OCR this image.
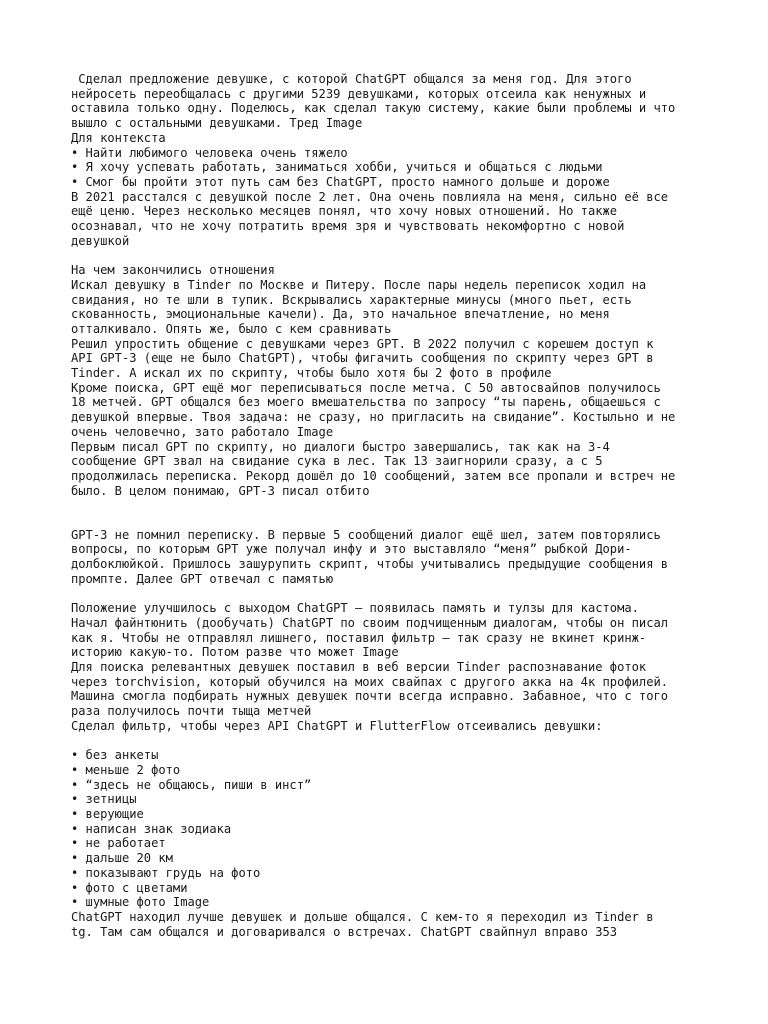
Сделал предложение девушке, с которой ChatGPT общался за меня год. Для этого
нейросеть переобщалась с другими 5239 девушками, которых отсеила как ненужных и
оставила только одну. Поделюсь, как сделал такую систему, какие были проблемы и что
вышло с остальными девушками. Тред Image
Для контекста
• Найти любимого человека очень тяжело
• Я хочу успевать работать, заниматься хобби, учиться и общаться с людьми
• Смог бы пройти этот путь сам без ChatGPT, просто намного дольше и дороже
В 2021 расстался с девушкой после 2 лет. Она очень повлияла на меня, сильно её все
ещё ценю. Через несколько месяцев понял, что хочу новых отношений. Но также
осознавал, что не хочу потратить время зря и чувствовать некомфортно с новой
девушкой
На чем закончились отношения
Искал девушку в Tinder по Москве и Питеру. После пары недель переписок ходил на
свидания, но те шли в тупик. Вскрывались характерные минусы (много пьет, есть
скованность, эмоциональные качели). Да, это начальное впечатление, но меня
отталкивало. Опять же, было с кем сравнивать
Решил упростить общение с девушками через GPT. В 2022 получил с корешем доступ к
API GPT-3 (еще не было ChatGPT), чтобы фигачить сообщения по скрипту через GPT в
Tinder. А искал их по скрипту, чтобы было хотя бы 2 фото в профиле
Кроме поиска, GPT ещё мог переписываться после метча. С 50 автосвайпов получилось
18 метчей. GPT общался без моего вмешательства по запросу “ты парень, общаешься с
девушкой впервые. Твоя задача: не сразу, но пригласить на свидание”. Костыльно и не
очень человечно, зато работало Image
Первым писал GPT по скрипту, но диалоги быстро завершались, так как на 3-4
сообщение GPT звал на свидание сука в лес. Так 13 заигнорили сразу, а с 5
продолжилась переписка. Рекорд дошёл до 10 сообщений, затем все пропали и встреч не
было. В целом понимаю, GPT-3 писал отбито
GPT-3 не помнил переписку. В первые 5 сообщений диалог ещё шел, затем повторялись
вопросы, по которым GPT уже получал инфу и это выставляло “меня” рыбкой Дори-
долбоклюйкой. Пришлось зашурупить скрипт, чтобы учитывались предыдущие сообщения в
промпте. Далее GPT отвечал с памятью
Положение улучшилось с выходом ChatGPT — появилась память и тулзы для кастома.
Начал файнтюнить (дообучать) ChatGPT по своим подчищенным диалогам, чтобы он писал
как я. Чтобы не отправлял лишнего, поставил фильтр — так сразу не вкинет кринж-
историю какую-то. Потом разве что может Image
Для поиска релевантных девушек поставил в веб версии Tinder распознавание фоток
через torchvision, который обучился на моих свайпах с другого акка на 4к профилей.
Машина смогла подбирать нужных девушек почти всегда исправно. Забавное, что с того
раза получилось почти тыща метчей
Сделал фильтр, чтобы через API ChatGPT и FlutterFlow отсеивались девушки:
• без анкеты
• меньше 2 фото
• “здесь не общаюсь, пиши в инст”
• зетницы
• верующие
• написан знак зодиака
• не работает
• дальше 20 км
• показывают грудь на фото
• фото с цветами
• шумные фото Image
ChatGPT находил лучше девушек и дольше общался. С кем-то я переходил из Tinder в
tg. Там сам общался и договаривался о встречах. ChatGPT свайпнул вправо 353
